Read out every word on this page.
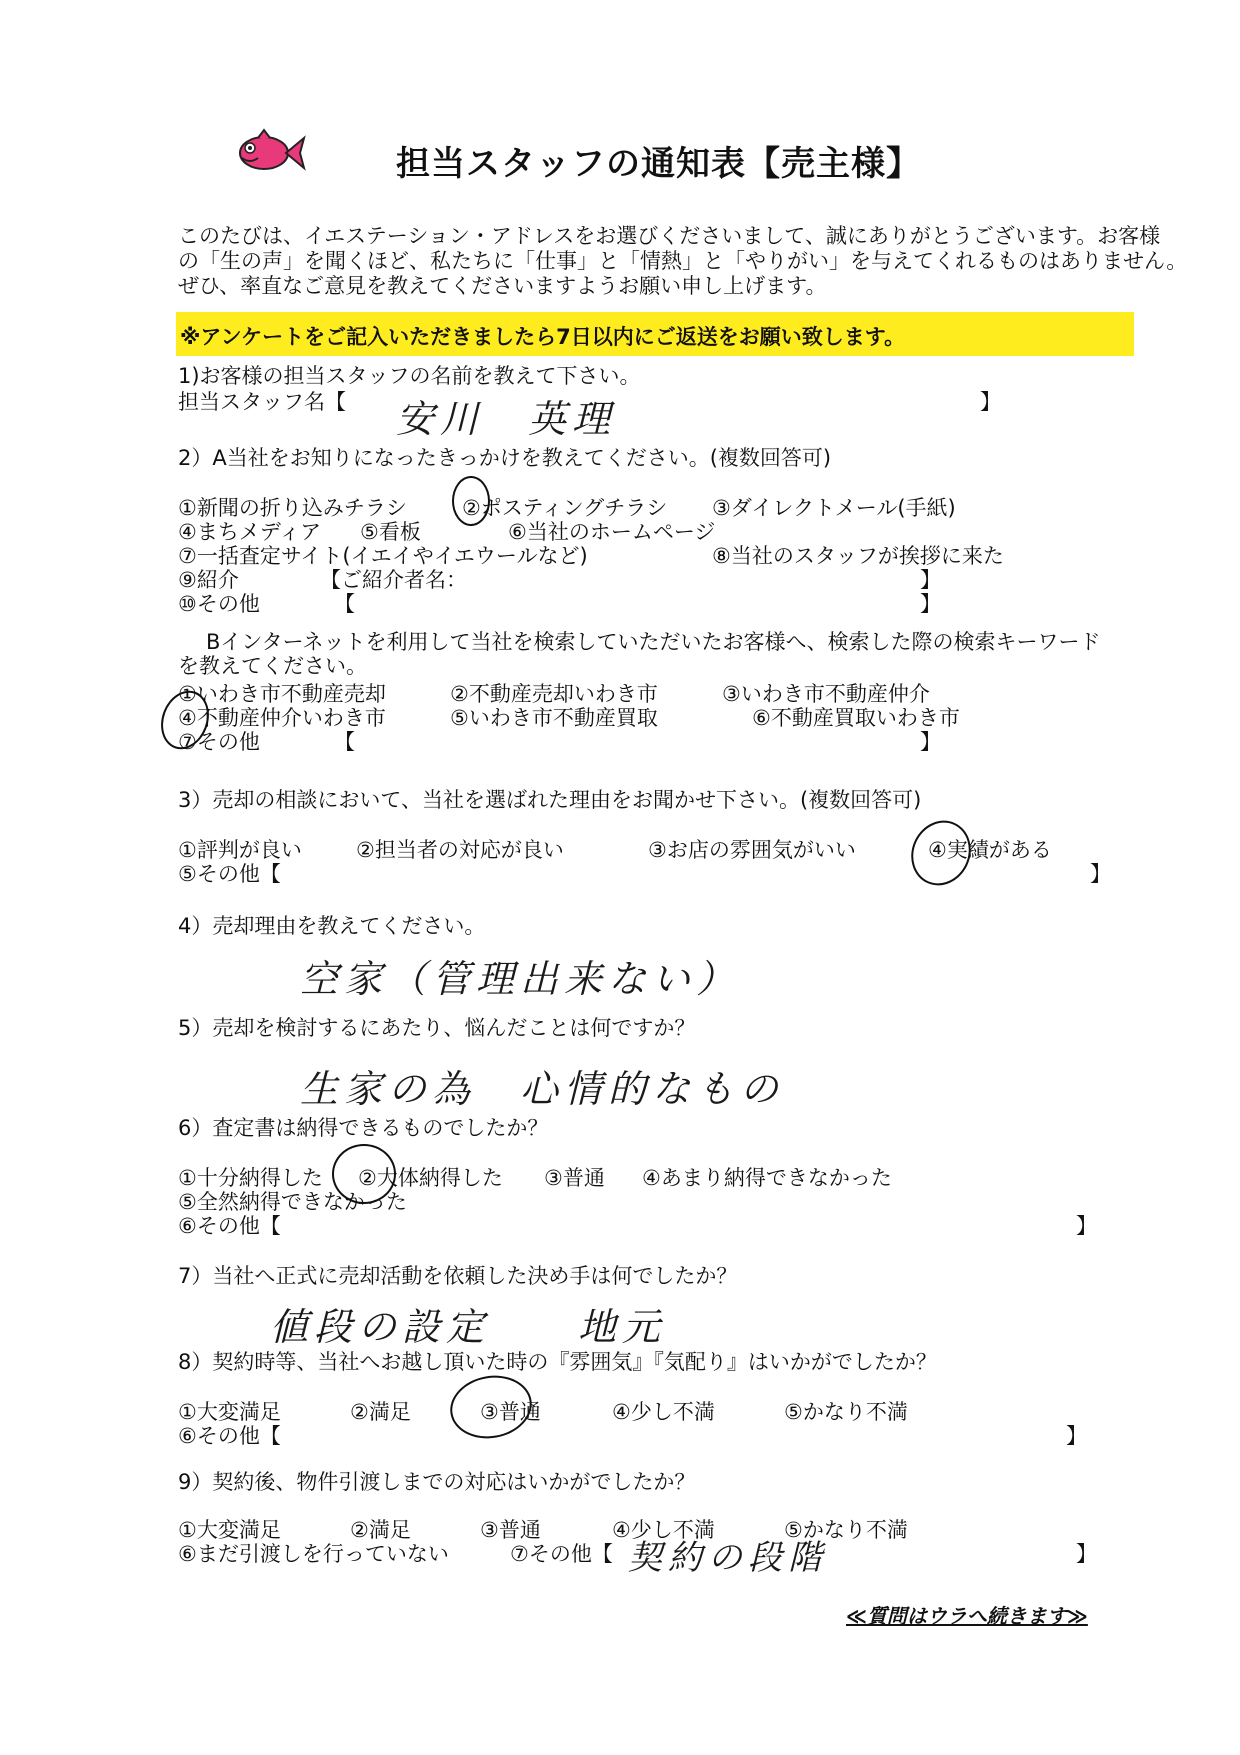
担当スタッフの通知表【売主様】
このたびは、イエステーション・アドレスをお選びくださいまして、誠にありがとうございます。お客様
の「生の声」を聞くほど、私たちに「仕事」と「情熱」と「やりがい」を与えてくれるものはありません。
ぜひ、率直なご意見を教えてくださいますようお願い申し上げます。
※アンケートをご記入いただきましたら7日以内にご返送をお願い致します。
1)お客様の担当スタッフの名前を教えて下さい。
担当スタッフ名【 安川　英理	】
2）A当社をお知りになったきっかけを教えてください。(複数回答可)
①新聞の折り込みチラシ	②ポスティングチラシ ③ダイレクトメール(手紙)
④まちメディア ⑤看板	⑥当社のホームページ
⑦一括査定サイト(イエイやイエウールなど)	⑧当社のスタッフが挨拶に来た
⑨紹介	【ご紹介者名：	】
⑩その他	【	】
Bインターネットを利用して当社を検索していただいたお客様へ、検索した際の検索キーワード
を教えてください。
①いわき市不動産売却	②不動産売却いわき市	③いわき市不動産仲介
④不動産仲介いわき市	⑤いわき市不動産買取	⑥不動産買取いわき市
⑦その他	【	】
3）売却の相談において、当社を選ばれた理由をお聞かせ下さい。(複数回答可)
①評判が良い	②担当者の対応が良い	③お店の雰囲気がいい	④実績がある
⑤その他【	】
4）売却理由を教えてください。
空家（管理出来ない）
5）売却を検討するにあたり、悩んだことは何ですか？
生家の為　心情的なもの
6）査定書は納得できるものでしたか？
①十分納得した ②大体納得した ③普通 ④あまり納得できなかった
⑤全然納得できなかった
⑥その他【	】
7）当社へ正式に売却活動を依頼した決め手は何でしたか？
値段の設定　　地元
8）契約時等、当社へお越し頂いた時の『雰囲気』『気配り』はいかがでしたか？
①大変満足	②満足	③普通	④少し不満	⑤かなり不満
⑥その他【	】
9）契約後、物件引渡しまでの対応はいかがでしたか？
①大変満足	②満足	③普通	④少し不満	⑤かなり不満
⑥まだ引渡しを行っていない	⑦その他【 契約の段階	】
≪質問はウラへ続きます≫
